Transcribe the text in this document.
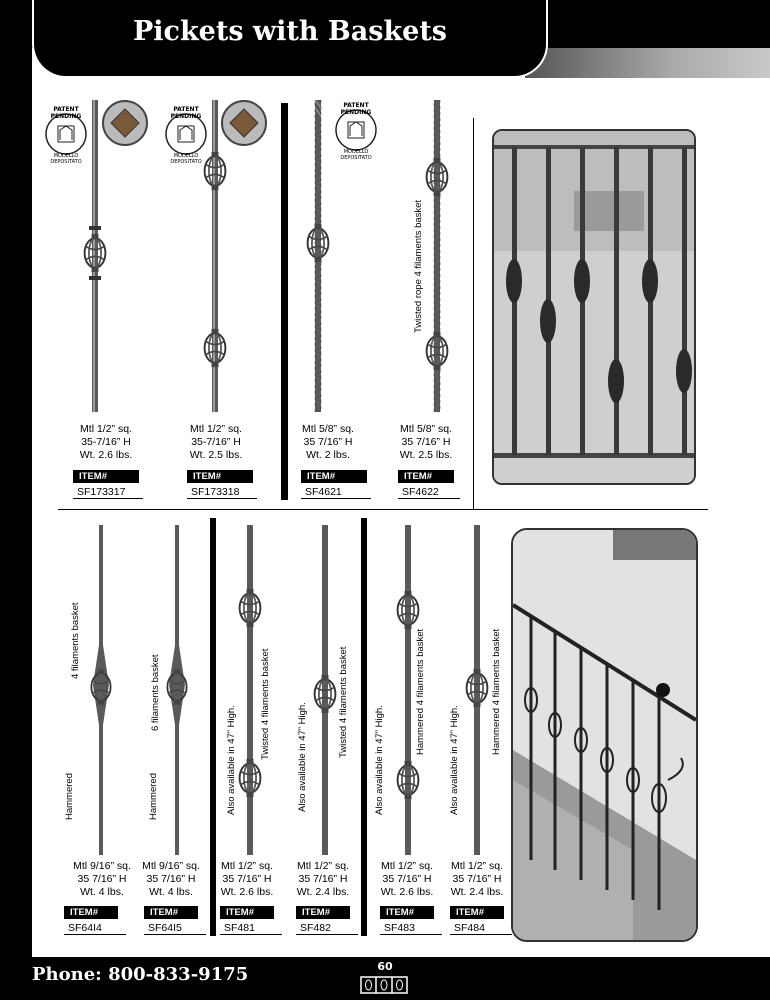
Pickets with Baskets
PATENT PENDING
MODELLO DEPOSITATO
PATENT PENDING
MODELLO DEPOSITATO
PATENT PENDING
MODELLO DEPOSITATO
Twisted rope 4 filaments basket
Mtl 1/2” sq.
35-7/16” H
Wt. 2.6 lbs.
ITEM#
SF173317
Mtl 1/2” sq.
35-7/16” H
Wt. 2.5 lbs.
ITEM#
SF173318
Mtl 5/8” sq.
35 7/16” H
Wt. 2 lbs.
ITEM#
SF4621
Mtl 5/8” sq.
35 7/16” H
Wt. 2.5 lbs.
ITEM#
SF4622
Hammered
4 filaments basket
Hammered
6 filaments basket
Also available in 47” High.
Twisted 4 filaments basket	Also available in 47” High.	Twisted 4 filaments basket
Also available in 47” High.
Hammered 4 filaments basket
Also available in 47” High.
Hammered 4 filaments basket
Mtl 9/16” sq.
35 7/16” H
Wt. 4 lbs.
ITEM#
SF64I4
Mtl 9/16” sq.
35 7/16” H
Wt. 4 lbs.
ITEM#
SF64I5
Mtl 1/2” sq.
35 7/16” H
Wt. 2.6 lbs.
ITEM#
SF481
Mtl 1/2” sq.
35 7/16” H
Wt. 2.4 lbs.
ITEM#
SF482
Mtl 1/2” sq.
35 7/16” H
Wt. 2.6 lbs.
ITEM#
SF483
Mtl 1/2” sq.
35 7/16” H
Wt. 2.4 lbs.
ITEM#
SF484
Phone: 800-833-9175	60
